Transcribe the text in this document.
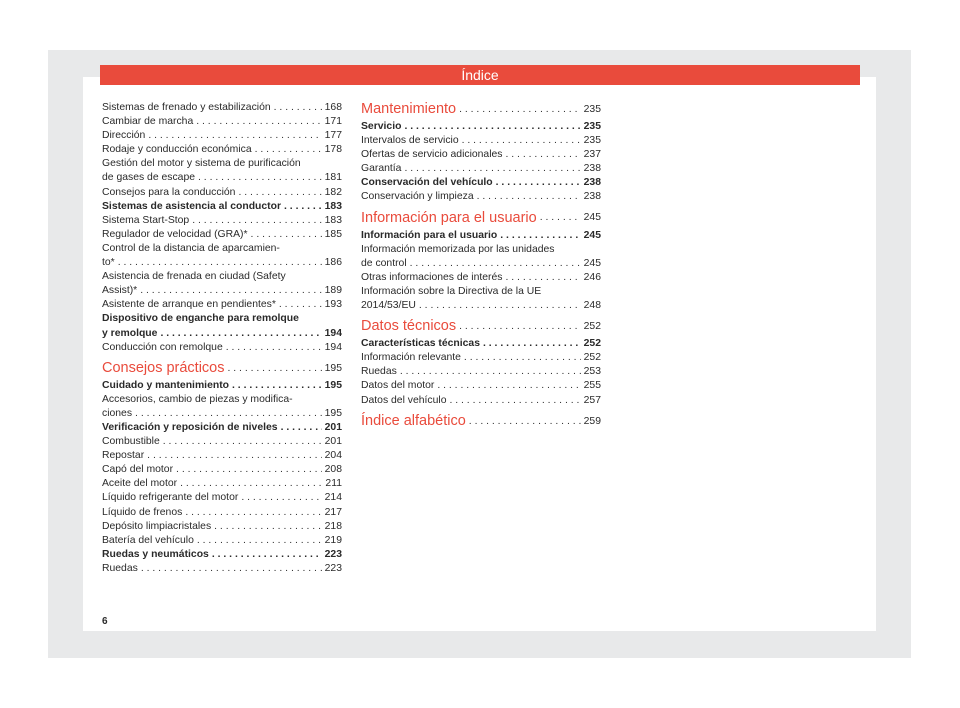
Índice
Sistemas de frenado y estabilización . . .	168
Cambiar de marcha . . .	171
Dirección . . .	177
Rodaje y conducción económica . . .	178
Gestión del motor y sistema de purificación
de gases de escape . . .	181
Consejos para la conducción . . .	182
Sistemas de asistencia al conductor . . .	183
Sistema Start-Stop . . .	183
Regulador de velocidad (GRA)* . . .	185
Control de la distancia de aparcamien-
to* . . .	186
Asistencia de frenada en ciudad (Safety
Assist)* . . .	189
Asistente de arranque en pendientes* . . .	193
Dispositivo de enganche para remolque
y remolque . . .	194
Conducción con remolque . . .	194
Consejos prácticos . . .	195
Cuidado y mantenimiento . . .	195
Accesorios, cambio de piezas y modifica-
ciones . . .	195
Verificación y reposición de niveles . . .	201
Combustible . . .	201
Repostar . . .	204
Capó del motor . . .	208
Aceite del motor . . .	211
Líquido refrigerante del motor . . .	214
Líquido de frenos . . .	217
Depósito limpiacristales . . .	218
Batería del vehículo . . .	219
Ruedas y neumáticos . . .	223
Ruedas . . .	223
Mantenimiento . . .	235
Servicio . . .	235
Intervalos de servicio . . .	235
Ofertas de servicio adicionales . . .	237
Garantía . . .	238
Conservación del vehículo . . .	238
Conservación y limpieza . . .	238
Información para el usuario . . .	245
Información para el usuario . . .	245
Información memorizada por las unidades
de control . . .	245
Otras informaciones de interés . . .	246
Información sobre la Directiva de la UE
2014/53/EU . . .	248
Datos técnicos . . .	252
Características técnicas . . .	252
Información relevante . . .	252
Ruedas . . .	253
Datos del motor . . .	255
Datos del vehículo . . .	257
Índice alfabético . . .	259
6
